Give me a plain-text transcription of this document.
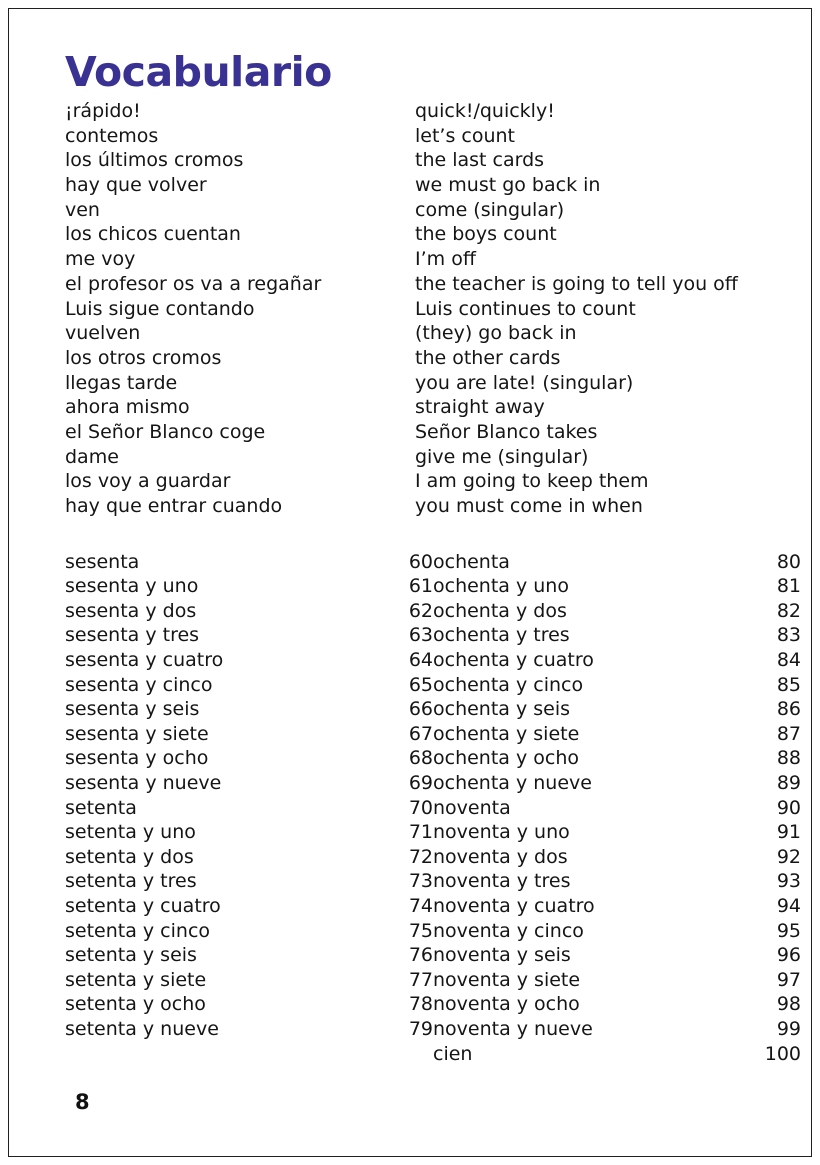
Vocabulario
¡rápido!	quick!/quickly!
contemos	let’s count
los últimos cromos	the last cards
hay que volver	we must go back in
ven	come (singular)
los chicos cuentan	the boys count
me voy	I’m off
el profesor os va a regañar	the teacher is going to tell you off
Luis sigue contando	Luis continues to count
vuelven	(they) go back in
los otros cromos	the other cards
llegas tarde	you are late! (singular)
ahora mismo	straight away
el Señor Blanco coge	Señor Blanco takes
dame	give me (singular)
los voy a guardar	I am going to keep them
hay que entrar cuando	you must come in when
sesenta	60
sesenta y uno	61
sesenta y dos	62
sesenta y tres	63
sesenta y cuatro	64
sesenta y cinco	65
sesenta y seis	66
sesenta y siete	67
sesenta y ocho	68
sesenta y nueve	69
setenta	70
setenta y uno	71
setenta y dos	72
setenta y tres	73
setenta y cuatro	74
setenta y cinco	75
setenta y seis	76
setenta y siete	77
setenta y ocho	78
setenta y nueve	79
ochenta	80
ochenta y uno	81
ochenta y dos	82
ochenta y tres	83
ochenta y cuatro	84
ochenta y cinco	85
ochenta y seis	86
ochenta y siete	87
ochenta y ocho	88
ochenta y nueve	89
noventa	90
noventa y uno	91
noventa y dos	92
noventa y tres	93
noventa y cuatro	94
noventa y cinco	95
noventa y seis	96
noventa y siete	97
noventa y ocho	98
noventa y nueve	99
cien	100
8
